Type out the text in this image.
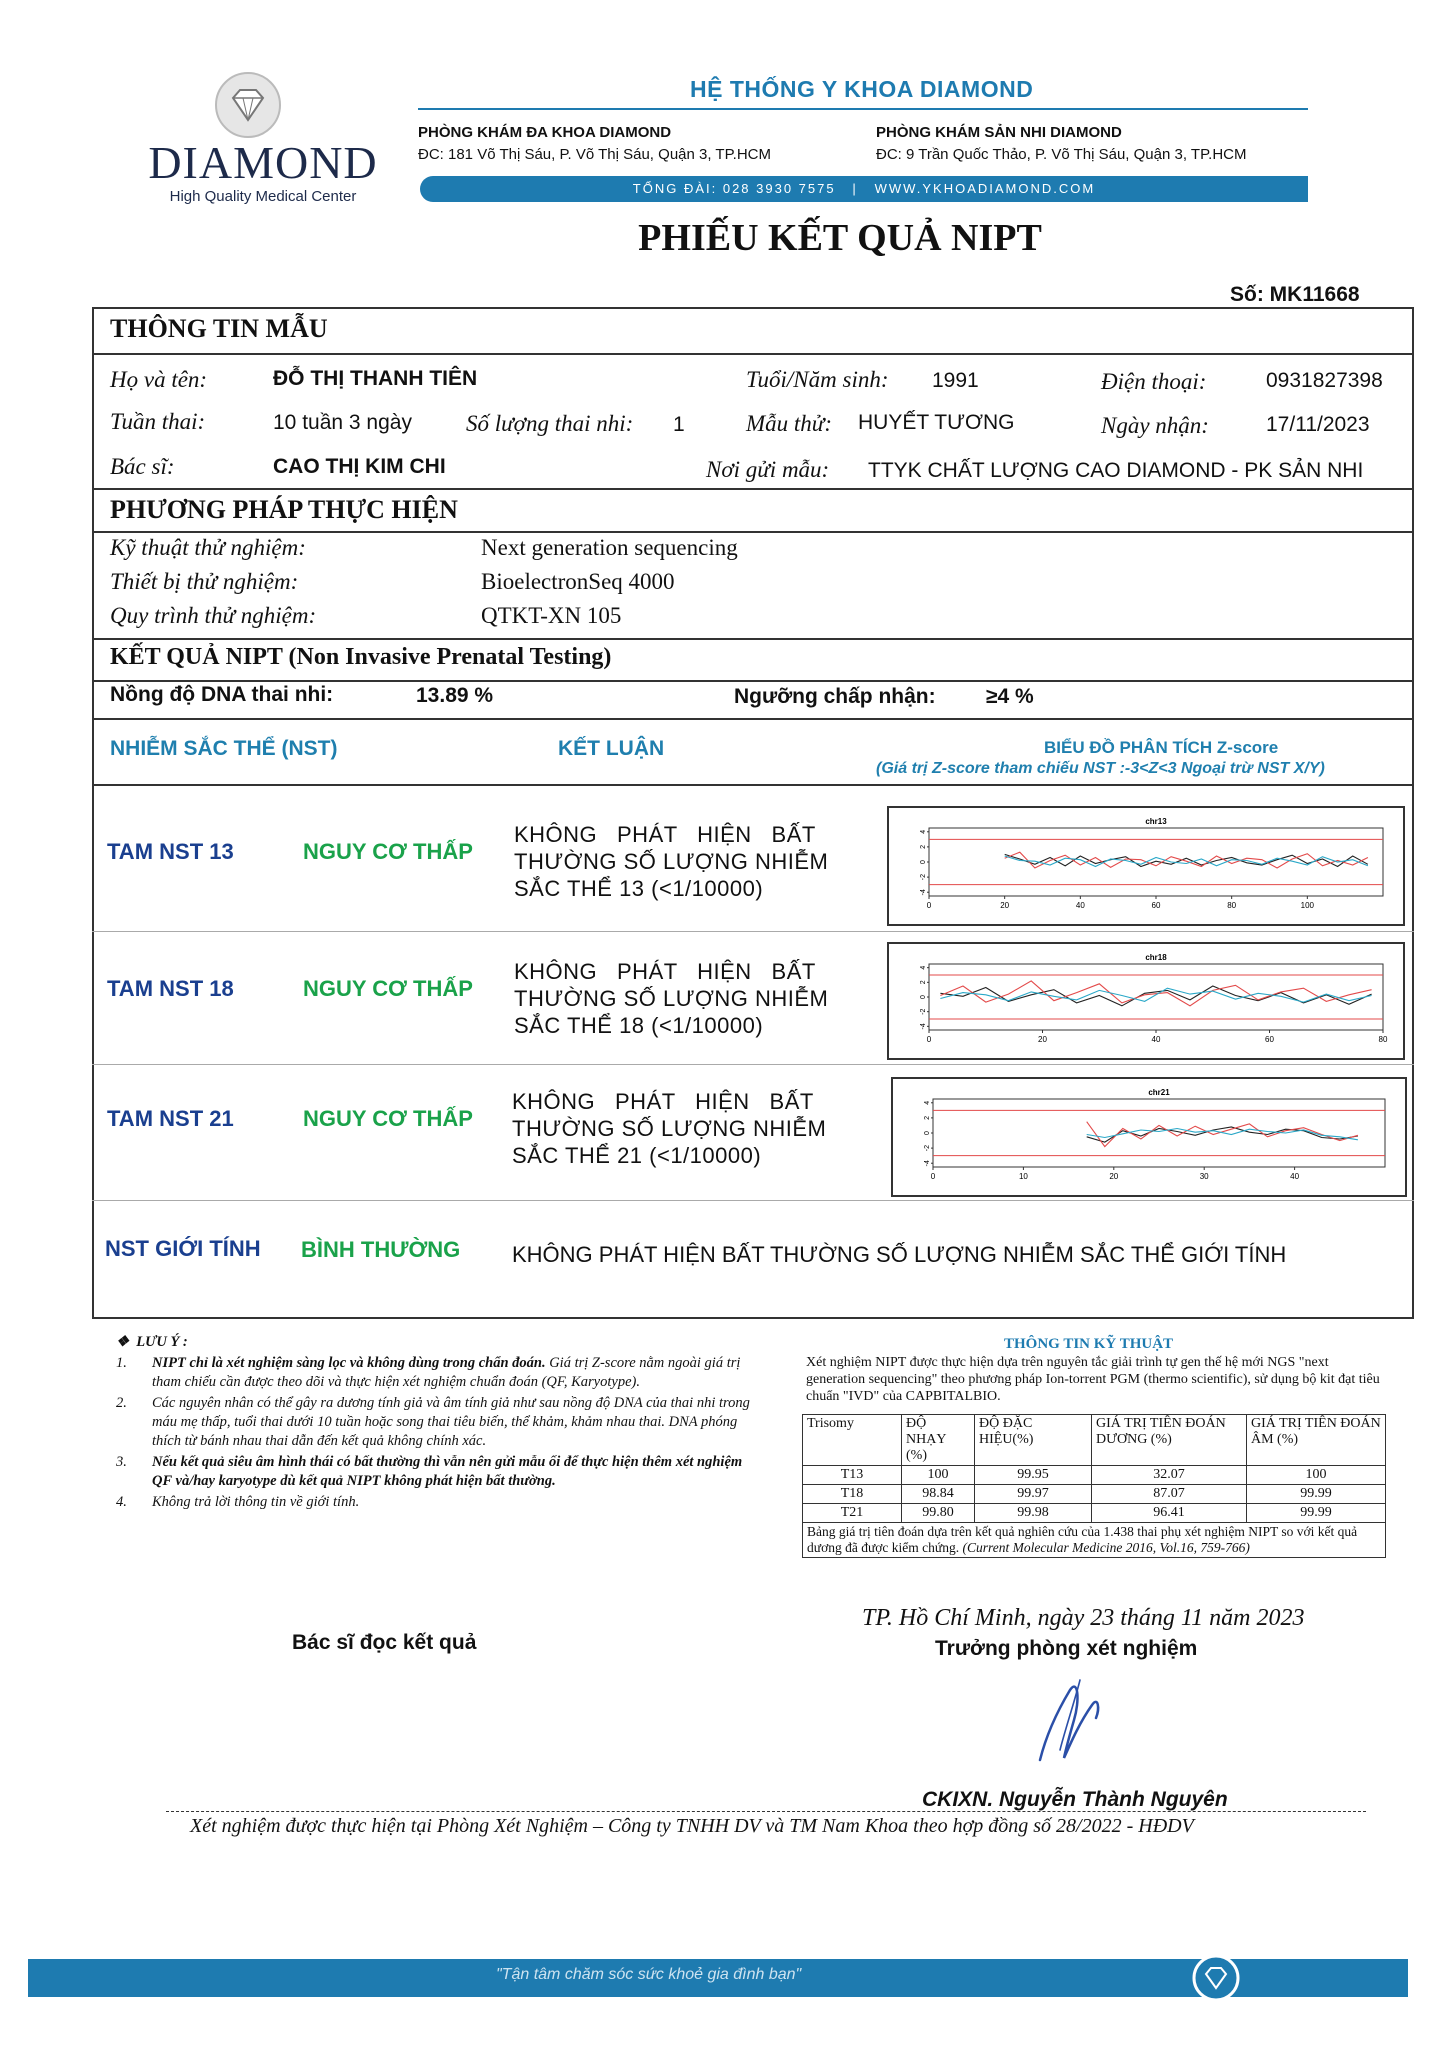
DIAMOND
High Quality Medical Center
HỆ THỐNG Y KHOA DIAMOND
PHÒNG KHÁM ĐA KHOA DIAMOND
ĐC: 181 Võ Thị Sáu, P. Võ Thị Sáu, Quận 3, TP.HCM
PHÒNG KHÁM SẢN NHI DIAMOND
ĐC: 9 Trần Quốc Thảo, P. Võ Thị Sáu, Quận 3, TP.HCM
TỔNG ĐÀI: 028 3930 7575   |   WWW.YKHOADIAMOND.COM
PHIẾU KẾT QUẢ NIPT
Số: MK11668
THÔNG TIN MẪU
Họ và tên:	ĐỖ THỊ THANH TIÊN	Tuổi/Năm sinh: 1991	Điện thoại:	0931827398
Tuần thai:	10 tuần 3 ngày Số lượng thai nhi: 1	Mẫu thử: HUYẾT TƯƠNG	Ngày nhận:	17/11/2023
Bác sĩ:	CAO THỊ KIM CHI	Nơi gửi mẫu: TTYK CHẤT LƯỢNG CAO DIAMOND - PK SẢN NHI
PHƯƠNG PHÁP THỰC HIỆN
Kỹ thuật thử nghiệm:	Next generation sequencing
Thiết bị thử nghiệm:	BioelectronSeq 4000
Quy trình thử nghiệm:	QTKT-XN 105
KẾT QUẢ NIPT (Non Invasive Prenatal Testing)
Nồng độ DNA thai nhi:	13.89 %	Ngưỡng chấp nhận: ≥4 %
NHIỄM SẮC THỂ (NST)	KẾT LUẬN	BIỂU ĐỒ PHÂN TÍCH Z-score
(Giá trị Z-score tham chiếu NST :-3<Z<3 Ngoại trừ NST X/Y)
TAM NST 13	NGUY CƠ THẤP
KHÔNG   PHÁT   HIỆN   BẤT
THƯỜNG SỐ LƯỢNG NHIỄM
SẮC THỂ 13 (<1/10000)
chr13
4
2
0
-2
-4
0	20	40	60	80	100
TAM NST 18	NGUY CƠ THẤP
KHÔNG   PHÁT   HIỆN   BẤT
THƯỜNG SỐ LƯỢNG NHIỄM
SẮC THỂ 18 (<1/10000)
chr18
4
2
0
-2
-4
0	20	40	60	80
TAM NST 21	NGUY CƠ THẤP
KHÔNG   PHÁT   HIỆN   BẤT
THƯỜNG SỐ LƯỢNG NHIỄM
SẮC THỂ 21 (<1/10000)
chr21
4
2
0
-2
-4
0	10	20	30	40
NST GIỚI TÍNH BÌNH THƯỜNG KHÔNG PHÁT HIỆN BẤT THƯỜNG SỐ LƯỢNG NHIỄM SẮC THỂ GIỚI TÍNH
❖  LƯU Ý :
1. NIPT chỉ là xét nghiệm sàng lọc và không dùng trong chẩn đoán. Giá trị Z-score nằm ngoài giá trị tham chiếu cần được theo dõi và thực hiện xét nghiệm chuẩn đoán (QF, Karyotype).
2. Các nguyên nhân có thể gây ra dương tính giả và âm tính giả như sau nồng độ DNA của thai nhi trong máu mẹ thấp, tuổi thai dưới 10 tuần hoặc song thai tiêu biến, thể khảm, khảm nhau thai. DNA phóng thích từ bánh nhau thai dẫn đến kết quả không chính xác.
3. Nếu kết quả siêu âm hình thái có bất thường thì vẫn nên gửi mẫu ối để thực hiện thêm xét nghiệm QF và/hay karyotype dù kết quả NIPT không phát hiện bất thường.
4. Không trả lời thông tin về giới tính.
THÔNG TIN KỸ THUẬT
Xét nghiệm NIPT được thực hiện dựa trên nguyên tắc giải trình tự gen thế hệ mới NGS "next generation sequencing" theo phương pháp Ion-torrent PGM (thermo scientific), sử dụng bộ kit đạt tiêu chuẩn "IVD" của CAPBITALBIO.
Trisomy	ĐỘ NHẠY (%)	ĐỘ ĐẶC HIỆU(%)	GIÁ TRỊ TIÊN ĐOÁN DƯƠNG (%)	GIÁ TRỊ TIÊN ĐOÁN ÂM (%)
T13	100	99.95	32.07	100
T18	98.84	99.97	87.07	99.99
T21	99.80	99.98	96.41	99.99
Bảng giá trị tiên đoán dựa trên kết quả nghiên cứu của 1.438 thai phụ xét nghiệm NIPT so với kết quả dương đã được kiểm chứng. (Current Molecular Medicine 2016, Vol.16, 759-766)				
TP. Hồ Chí Minh, ngày 23 tháng 11 năm 2023
Bác sĩ đọc kết quả	Trưởng phòng xét nghiệm
CKIXN. Nguyễn Thành Nguyên
Xét nghiệm được thực hiện tại Phòng Xét Nghiệm – Công ty TNHH DV và TM Nam Khoa theo hợp đồng số 28/2022 - HĐDV
"Tận tâm chăm sóc sức khoẻ gia đình bạn"
